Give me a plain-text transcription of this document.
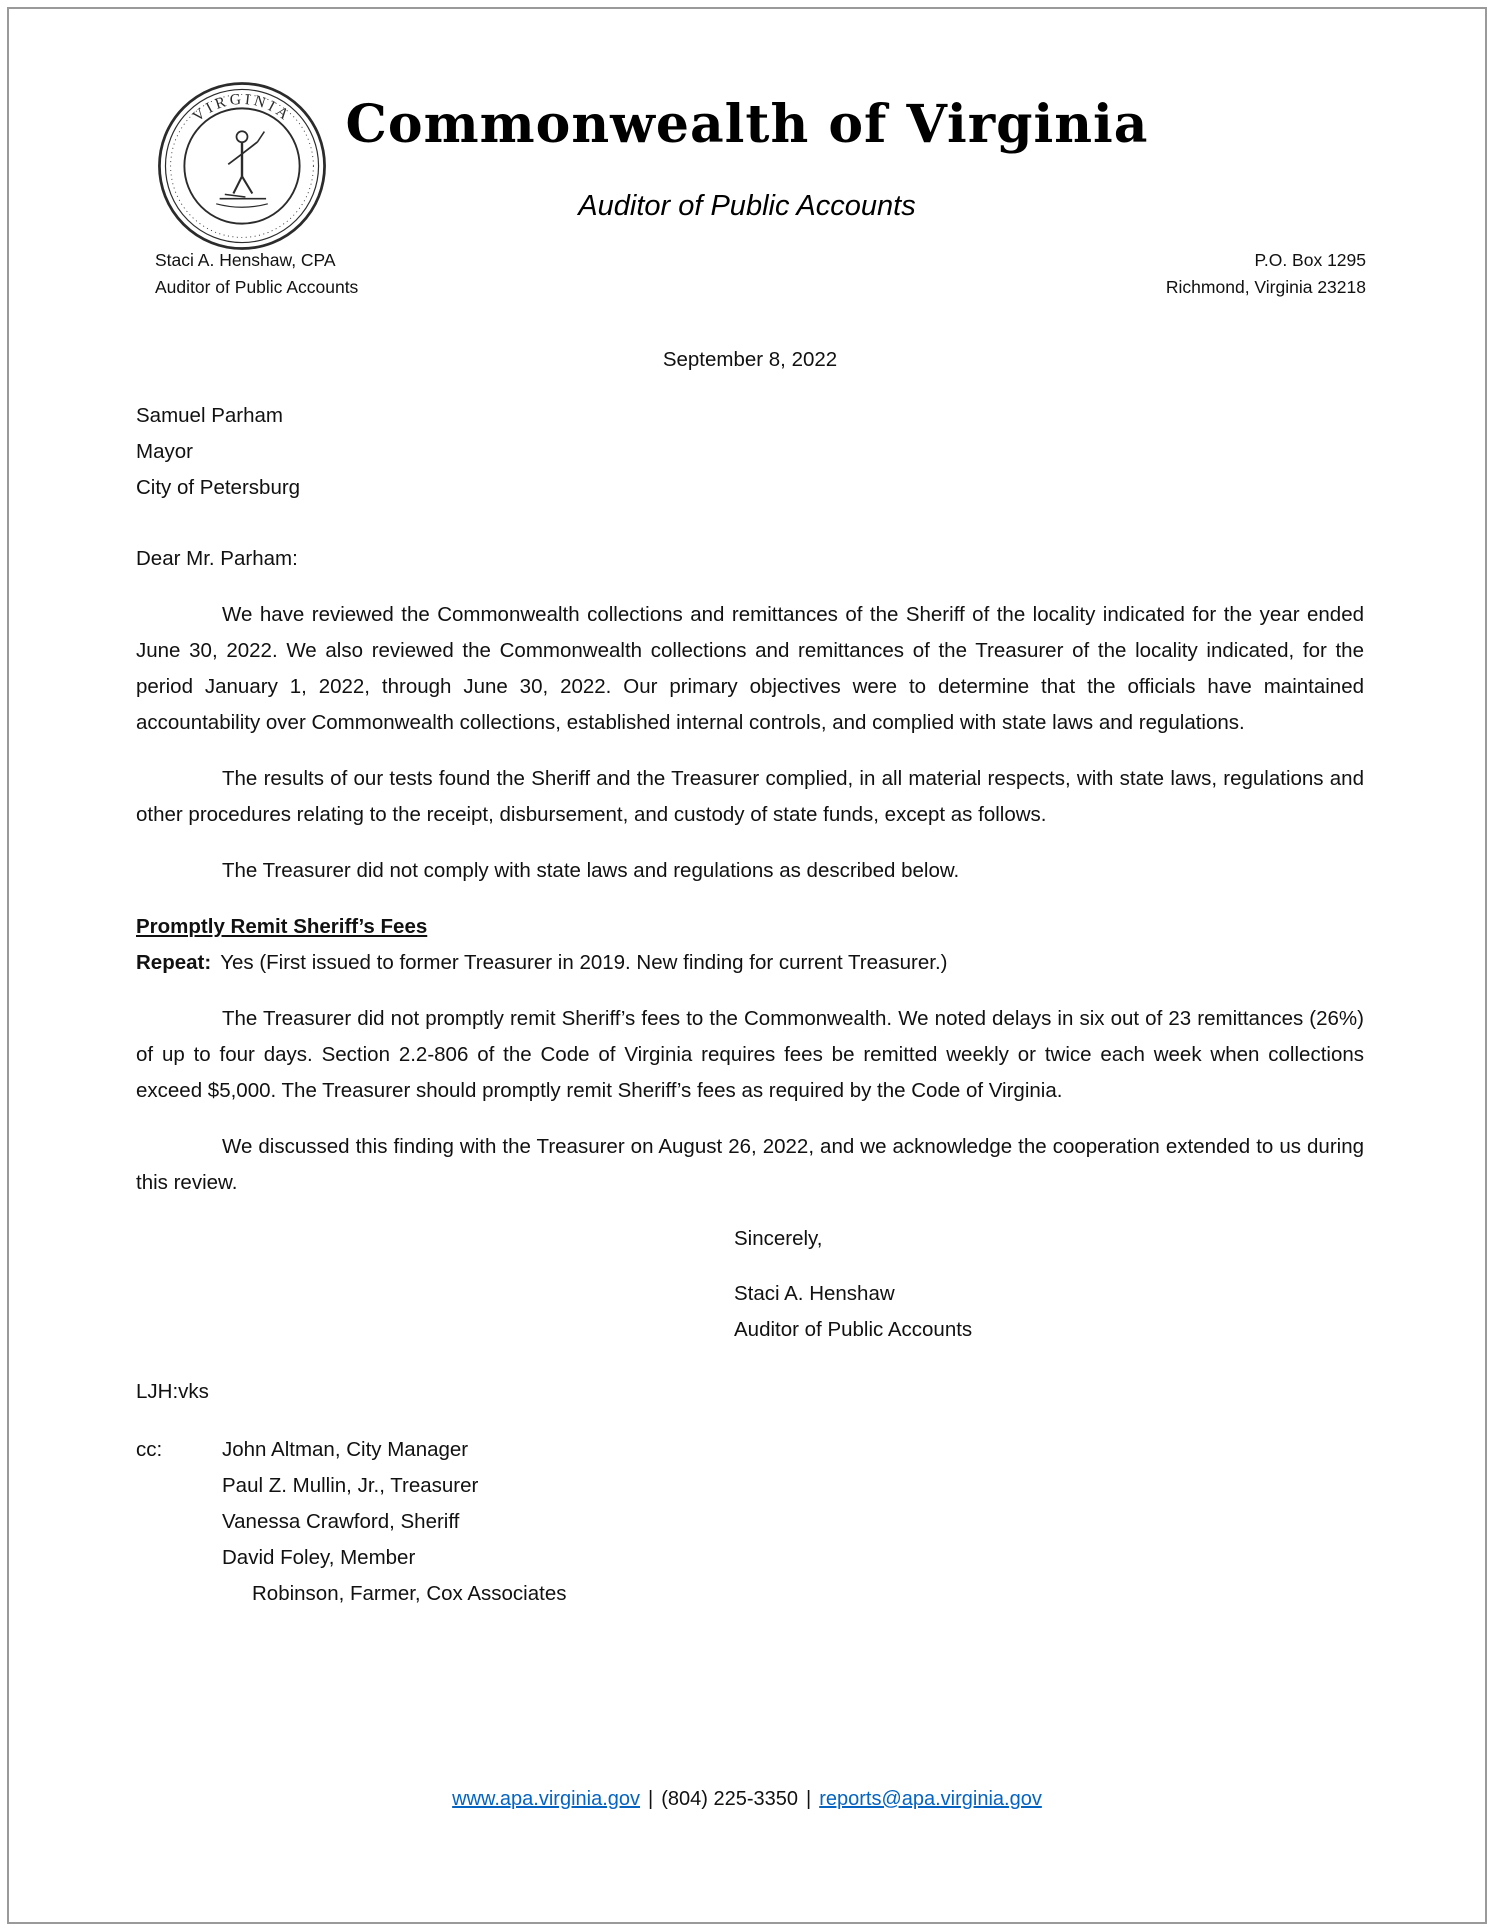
VIRGINIA Commonwealth of Virginia
Auditor of Public Accounts
Staci A. Henshaw, CPA
Auditor of Public Accounts
P.O. Box 1295
Richmond, Virginia 23218
September 8, 2022
Samuel Parham
Mayor
City of Petersburg
Dear Mr. Parham:

We have reviewed the Commonwealth collections and remittances of the Sheriff of the locality indicated for the year ended June 30, 2022. We also reviewed the Commonwealth collections and remittances of the Treasurer of the locality indicated, for the period January 1, 2022, through June 30, 2022. Our primary objectives were to determine that the officials have maintained accountability over Commonwealth collections, established internal controls, and complied with state laws and regulations.

The results of our tests found the Sheriff and the Treasurer complied, in all material respects, with state laws, regulations and other procedures relating to the receipt, disbursement, and custody of state funds, except as follows.

The Treasurer did not comply with state laws and regulations as described below.

Promptly Remit Sheriff’s Fees
Repeat: Yes (First issued to former Treasurer in 2019. New finding for current Treasurer.)

The Treasurer did not promptly remit Sheriff’s fees to the Commonwealth. We noted delays in six out of 23 remittances (26%) of up to four days. Section 2.2-806 of the Code of Virginia requires fees be remitted weekly or twice each week when collections exceed $5,000. The Treasurer should promptly remit Sheriff’s fees as required by the Code of Virginia.

We discussed this finding with the Treasurer on August 26, 2022, and we acknowledge the cooperation extended to us during this review.

Sincerely,
Staci A. Henshaw
Auditor of Public Accounts
LJH:vks
cc:	John Altman, City Manager
Paul Z. Mullin, Jr., Treasurer
Vanessa Crawford, Sheriff
David Foley, Member
Robinson, Farmer, Cox Associates
www.apa.virginia.gov | (804) 225-3350 | reports@apa.virginia.gov
